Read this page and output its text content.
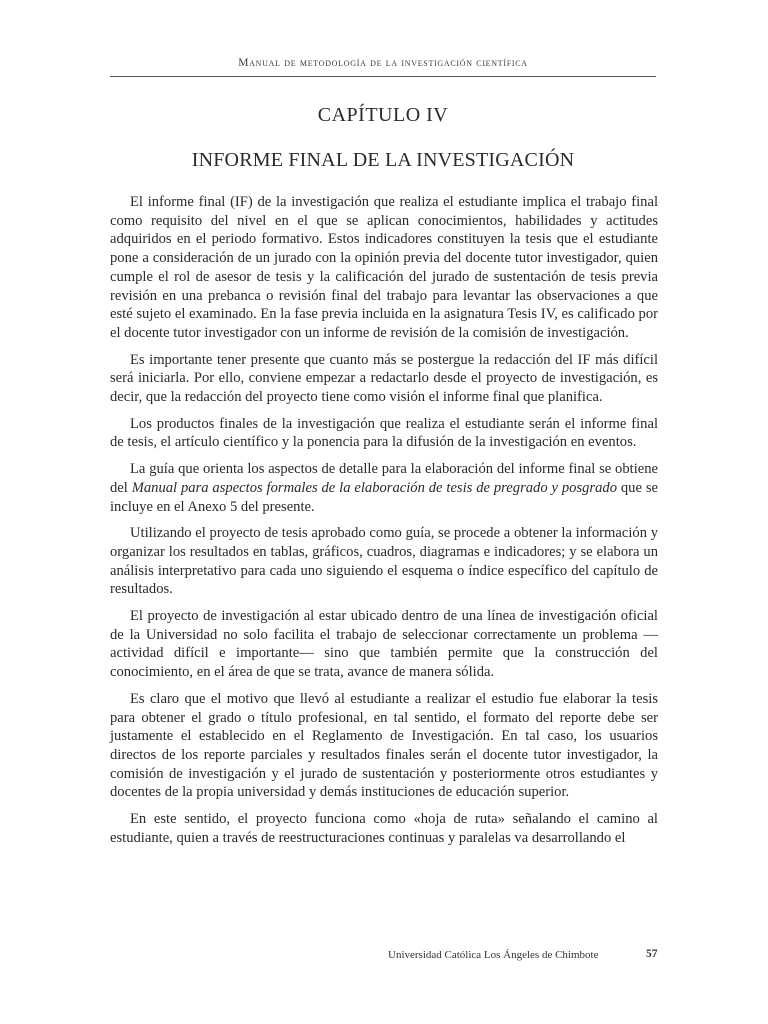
Manual de metodología de la investigación científica
CAPÍTULO IV
INFORME FINAL DE LA INVESTIGACIÓN

El informe final (IF) de la investigación que realiza el estudiante implica el trabajo final como requisito del nivel en el que se aplican conocimientos, habilidades y actitudes adquiridos en el periodo formativo. Estos indicadores constituyen la tesis que el estudiante pone a consideración de un jurado con la opinión previa del docente tutor investigador, quien cumple el rol de asesor de tesis y la calificación del jurado de sustentación de tesis previa revisión en una prebanca o revisión final del trabajo para levantar las observaciones a que esté sujeto el examinado. En la fase previa incluida en la asignatura Tesis IV, es calificado por el docente tutor investigador con un informe de revisión de la comisión de investigación.

Es importante tener presente que cuanto más se postergue la redacción del IF más difícil será iniciarla. Por ello, conviene empezar a redactarlo desde el proyecto de investigación, es decir, que la redacción del proyecto tiene como visión el informe final que planifica.

Los productos finales de la investigación que realiza el estudiante serán el informe final de tesis, el artículo científico y la ponencia para la difusión de la investigación en eventos.

La guía que orienta los aspectos de detalle para la elaboración del informe final se obtiene del Manual para aspectos formales de la elaboración de tesis de pregrado y posgrado que se incluye en el Anexo 5 del presente.

Utilizando el proyecto de tesis aprobado como guía, se procede a obtener la información y organizar los resultados en tablas, gráficos, cuadros, diagramas e indicadores; y se elabora un análisis interpretativo para cada uno siguiendo el esquema o índice específico del capítulo de resultados.

El proyecto de investigación al estar ubicado dentro de una línea de investigación oficial de la Universidad no solo facilita el trabajo de seleccionar correctamente un problema —actividad difícil e importante— sino que también permite que la construcción del conocimiento, en el área de que se trata, avance de manera sólida.

Es claro que el motivo que llevó al estudiante a realizar el estudio fue elaborar la tesis para obtener el grado o título profesional, en tal sentido, el formato del reporte debe ser justamente el establecido en el Reglamento de Investigación. En tal caso, los usuarios directos de los reporte parciales y resultados finales serán el docente tutor investigador, la comisión de investigación y el jurado de sustentación y posteriormente otros estudiantes y docentes de la propia universidad y demás instituciones de educación superior.

En este sentido, el proyecto funciona como «hoja de ruta» señalando el camino al estudiante, quien a través de reestructuraciones continuas y paralelas va desarrollando el

Universidad Católica Los Ángeles de Chimbote	57
